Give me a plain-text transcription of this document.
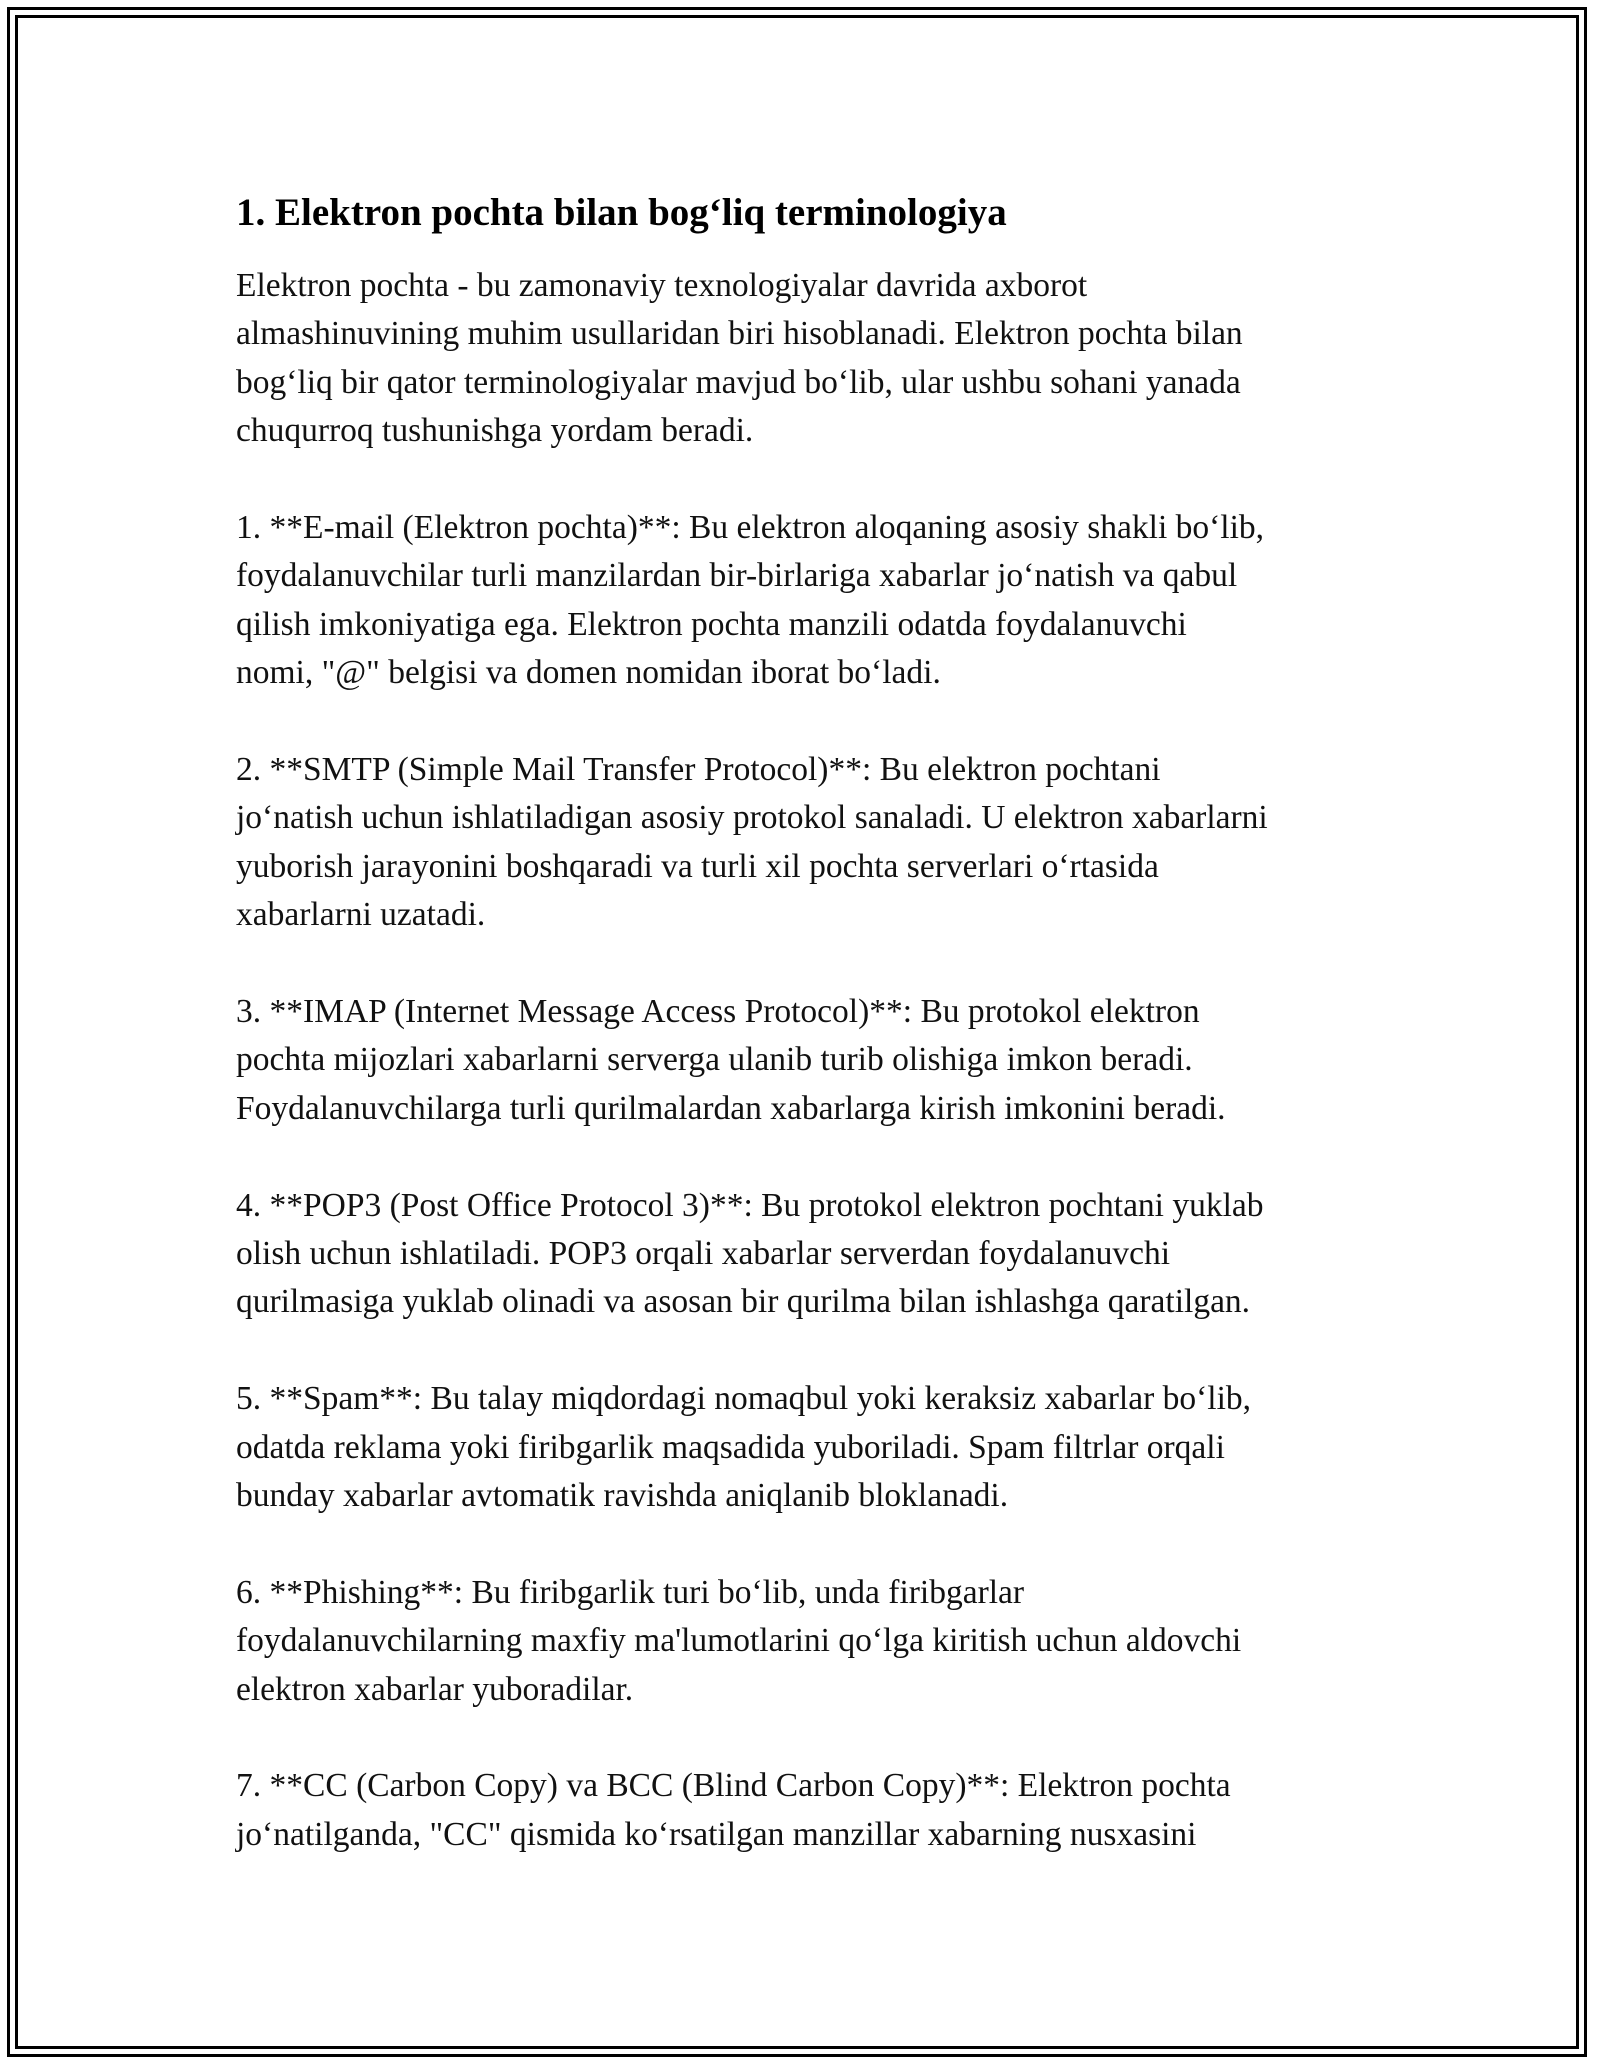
1. Elektron pochta bilan bog‘liq terminologiya

Elektron pochta - bu zamonaviy texnologiyalar davrida axborot
almashinuvining muhim usullaridan biri hisoblanadi. Elektron pochta bilan
bog‘liq bir qator terminologiyalar mavjud bo‘lib, ular ushbu sohani yanada
chuqurroq tushunishga yordam beradi.

1. **E-mail (Elektron pochta)**: Bu elektron aloqaning asosiy shakli bo‘lib,
foydalanuvchilar turli manzilardan bir-birlariga xabarlar jo‘natish va qabul
qilish imkoniyatiga ega. Elektron pochta manzili odatda foydalanuvchi
nomi, "@" belgisi va domen nomidan iborat bo‘ladi.

2. **SMTP (Simple Mail Transfer Protocol)**: Bu elektron pochtani
jo‘natish uchun ishlatiladigan asosiy protokol sanaladi. U elektron xabarlarni
yuborish jarayonini boshqaradi va turli xil pochta serverlari o‘rtasida
xabarlarni uzatadi.

3. **IMAP (Internet Message Access Protocol)**: Bu protokol elektron
pochta mijozlari xabarlarni serverga ulanib turib olishiga imkon beradi.
Foydalanuvchilarga turli qurilmalardan xabarlarga kirish imkonini beradi.

4. **POP3 (Post Office Protocol 3)**: Bu protokol elektron pochtani yuklab
olish uchun ishlatiladi. POP3 orqali xabarlar serverdan foydalanuvchi
qurilmasiga yuklab olinadi va asosan bir qurilma bilan ishlashga qaratilgan.

5. **Spam**: Bu talay miqdordagi nomaqbul yoki keraksiz xabarlar bo‘lib,
odatda reklama yoki firibgarlik maqsadida yuboriladi. Spam filtrlar orqali
bunday xabarlar avtomatik ravishda aniqlanib bloklanadi.

6. **Phishing**: Bu firibgarlik turi bo‘lib, unda firibgarlar
foydalanuvchilarning maxfiy ma'lumotlarini qo‘lga kiritish uchun aldovchi
elektron xabarlar yuboradilar.

7. **CC (Carbon Copy) va BCC (Blind Carbon Copy)**: Elektron pochta
jo‘natilganda, "CC" qismida ko‘rsatilgan manzillar xabarning nusxasini
